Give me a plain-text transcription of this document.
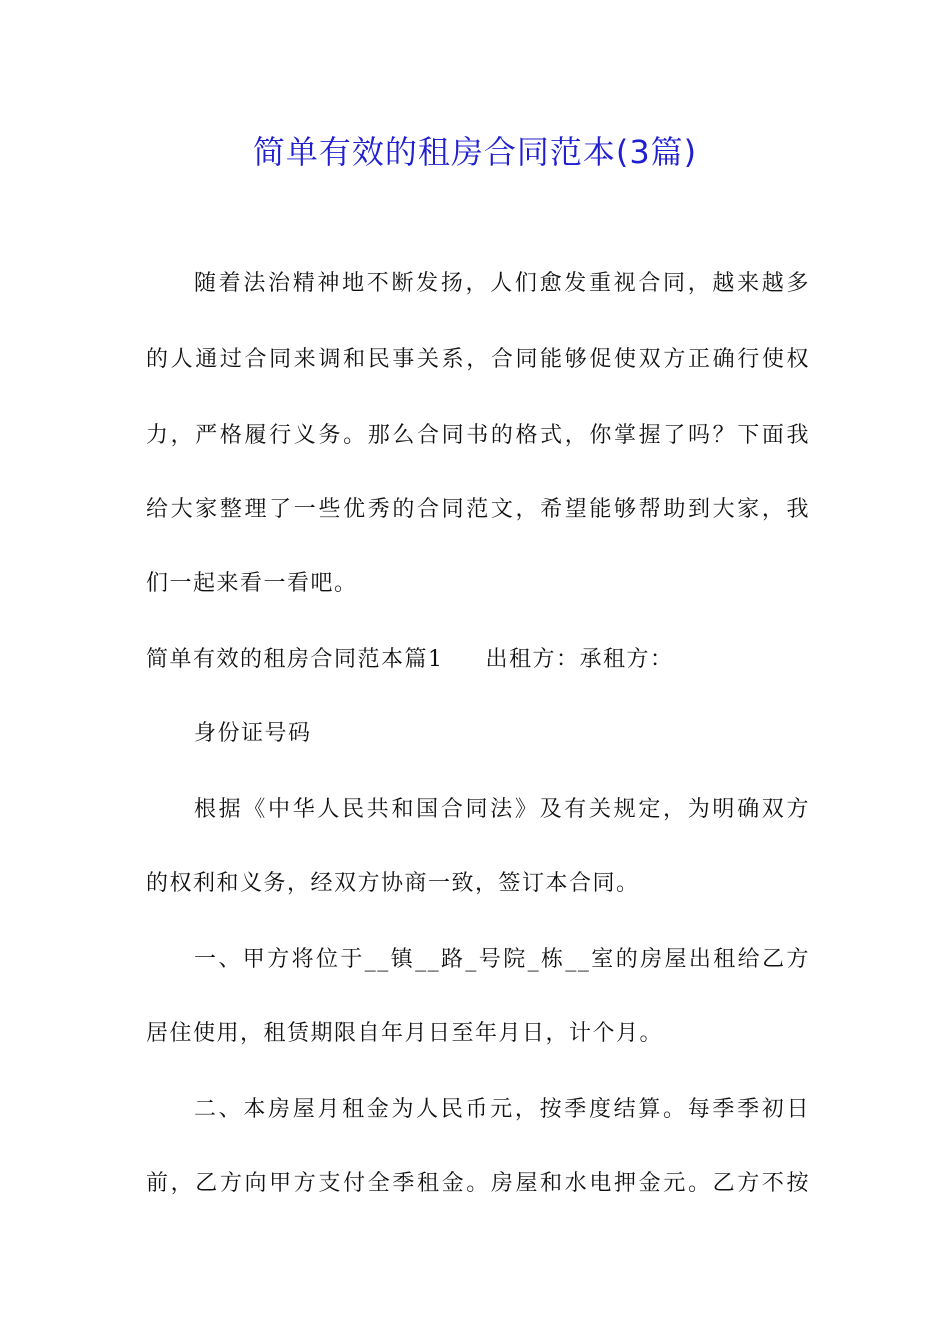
简单有效的租房合同范本(3篇)
随着法治精神地不断发扬，人们愈发重视合同，越来越多
的人通过合同来调和民事关系，合同能够促使双方正确行使权
力，严格履行义务。那么合同书的格式，你掌握了吗？下面我
给大家整理了一些优秀的合同范文，希望能够帮助到大家，我
们一起来看一看吧。
简单有效的租房合同范本篇1 出租方：承租方：
身份证号码
根据《中华人民共和国合同法》及有关规定，为明确双方
的权利和义务，经双方协商一致，签订本合同。
一、甲方将位于__镇__路_号院_栋__室的房屋出租给乙方
居住使用，租赁期限自年月日至年月日，计个月。
二、本房屋月租金为人民币元，按季度结算。每季季初日
前，乙方向甲方支付全季租金。房屋和水电押金元。乙方不按
